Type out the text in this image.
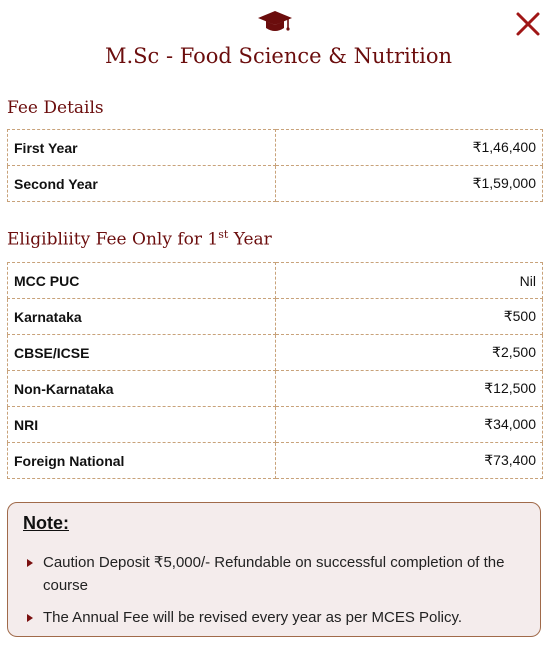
M.Sc - Food Science & Nutrition
Fee Details
First Year	₹1,46,400
Second Year	₹1,59,000
Eligibliity Fee Only for 1st Year
MCC PUC	Nil
Karnataka	₹500
CBSE/ICSE	₹2,500
Non-Karnataka	₹12,500
NRI	₹34,000
Foreign National	₹73,400
Note:
Caution Deposit ₹5,000/- Refundable on successful completion of the course
The Annual Fee will be revised every year as per MCES Policy.
